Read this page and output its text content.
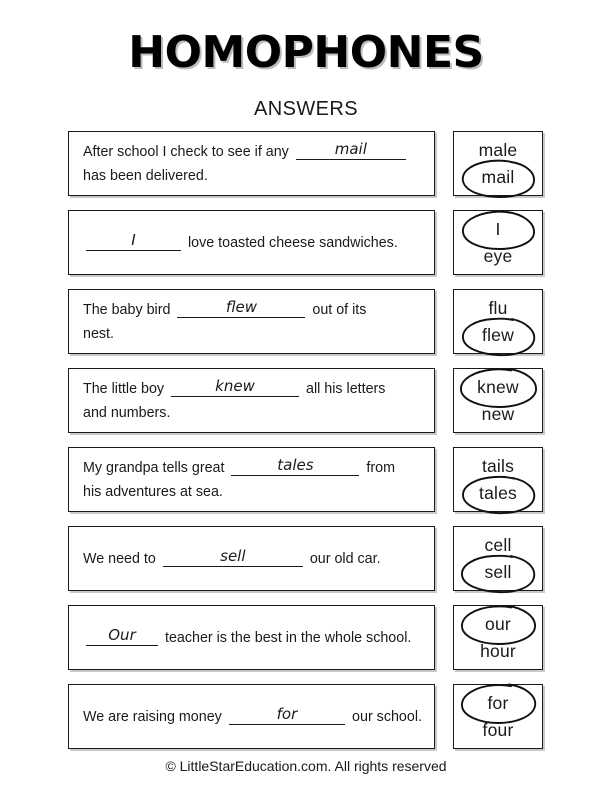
HOMOPHONES
ANSWERS
After school I check to see if any

	mail

has been delivered.
male
mail

I

	love toasted cheese sandwiches.
I
eye
The baby bird

	flew

	out of its
nest.
flu
flew
The little boy

	knew

	all his letters
and numbers.
knew
new
My grandpa tells great

	tales

	from
his adventures at sea.
tails
tales
We need to

	sell

	our old car.
cell
sell

Our

	teacher is the best in the whole school.
our
hour
We are raising money

	for

	our school.
for
four
© LittleStarEducation.com. All rights reserved
